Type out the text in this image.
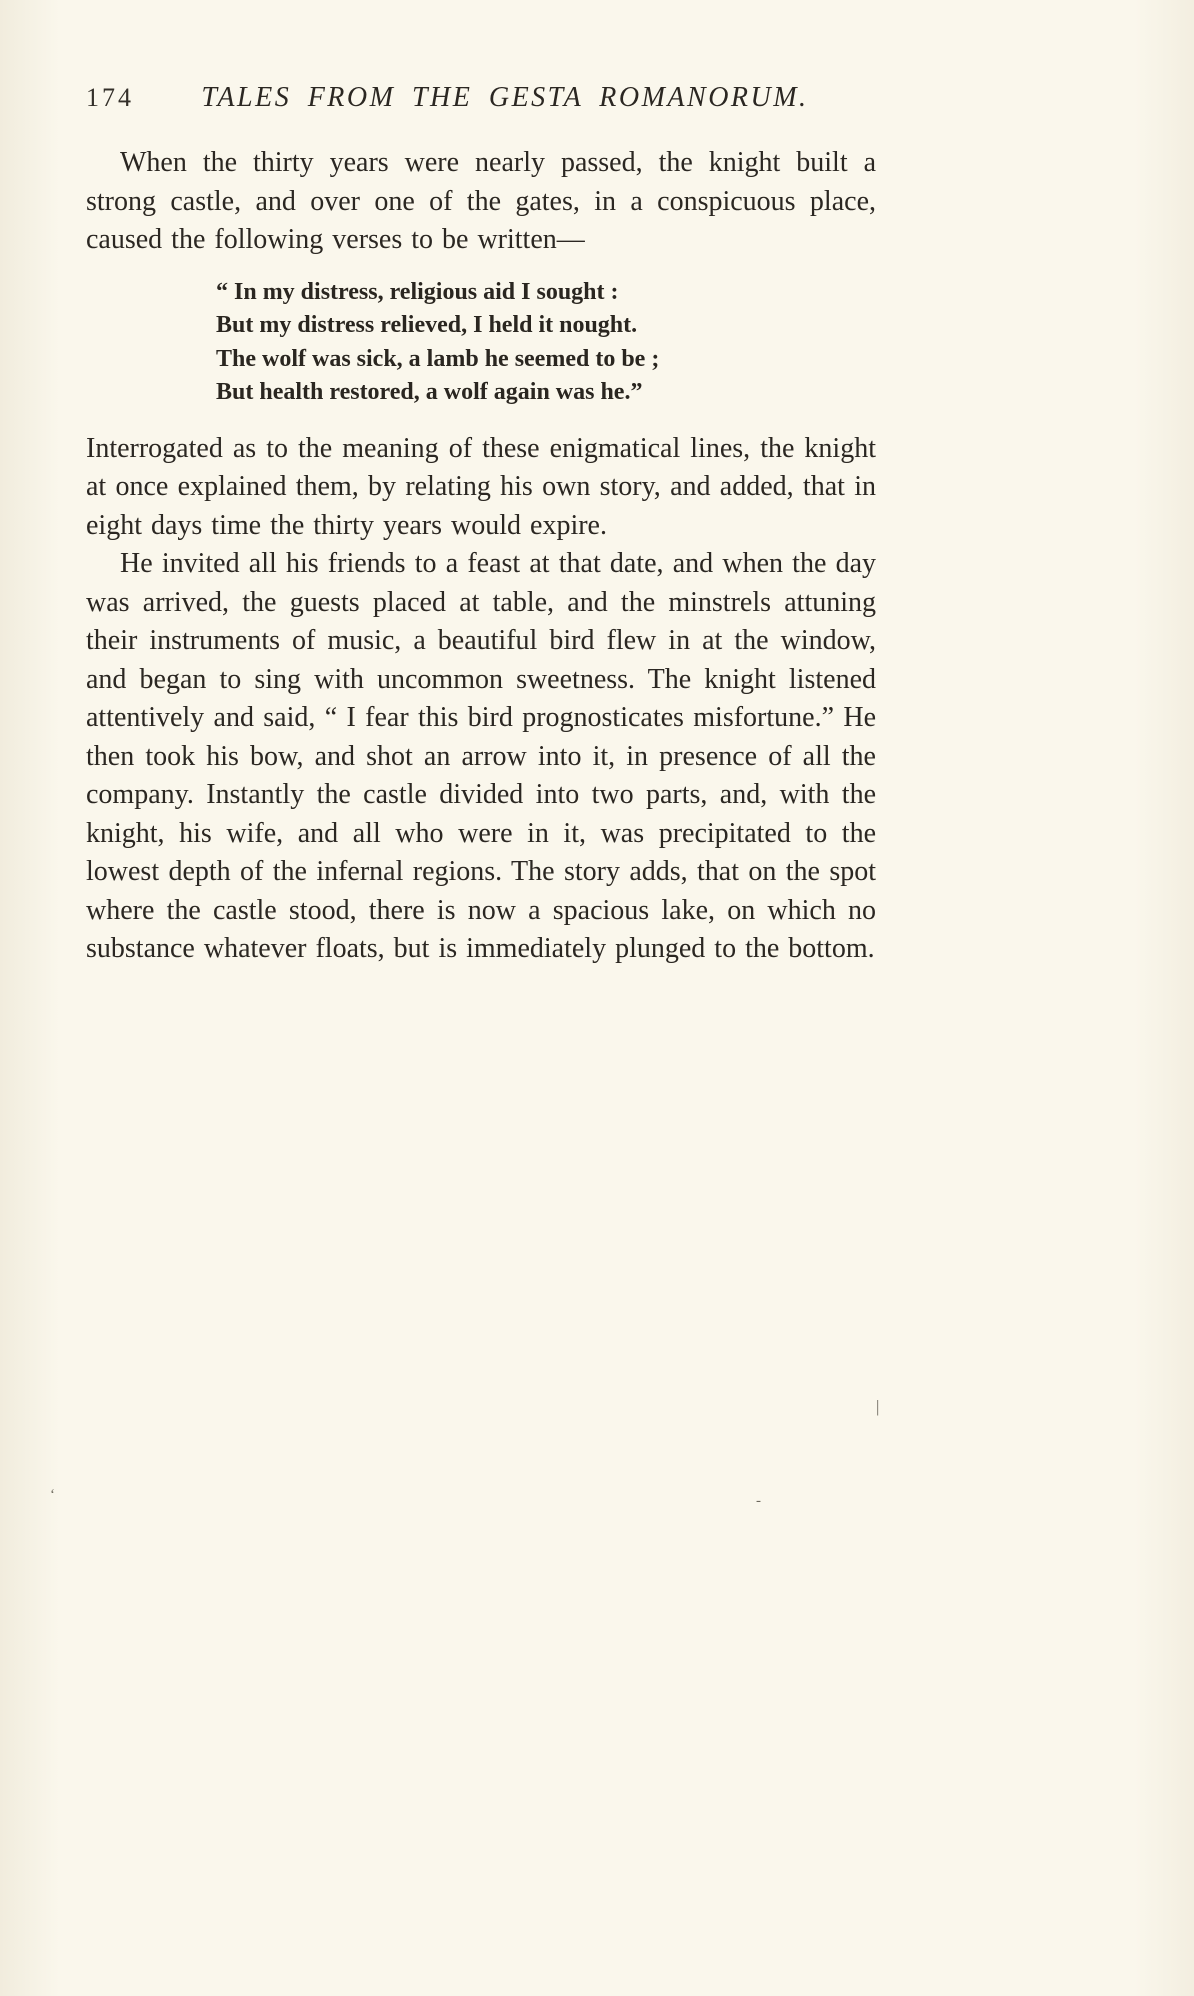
174	TALES FROM THE GESTA ROMANORUM.

When the thirty years were nearly passed, the knight built a strong castle, and over one of the gates, in a conspicuous place, caused the following verses to be written—

“ In my distress, religious aid I sought :
But my distress relieved, I held it nought.
The wolf was sick, a lamb he seemed to be ;
But health restored, a wolf again was he.”

Interrogated as to the meaning of these enigmatical lines, the knight at once explained them, by relating his own story, and added, that in eight days time the thirty years would expire.

He invited all his friends to a feast at that date, and when the day was arrived, the guests placed at table, and the minstrels attuning their instruments of music, a beautiful bird flew in at the window, and began to sing with uncommon sweetness. The knight listened attentively and said, “ I fear this bird prognosticates misfortune.” He then took his bow, and shot an arrow into it, in presence of all the company. Instantly the castle divided into two parts, and, with the knight, his wife, and all who were in it, was precipitated to the lowest depth of the infernal regions. The story adds, that on the spot where the castle stood, there is now a spacious lake, on which no substance whatever floats, but is immediately plunged to the bottom.

|
ʻ	-
